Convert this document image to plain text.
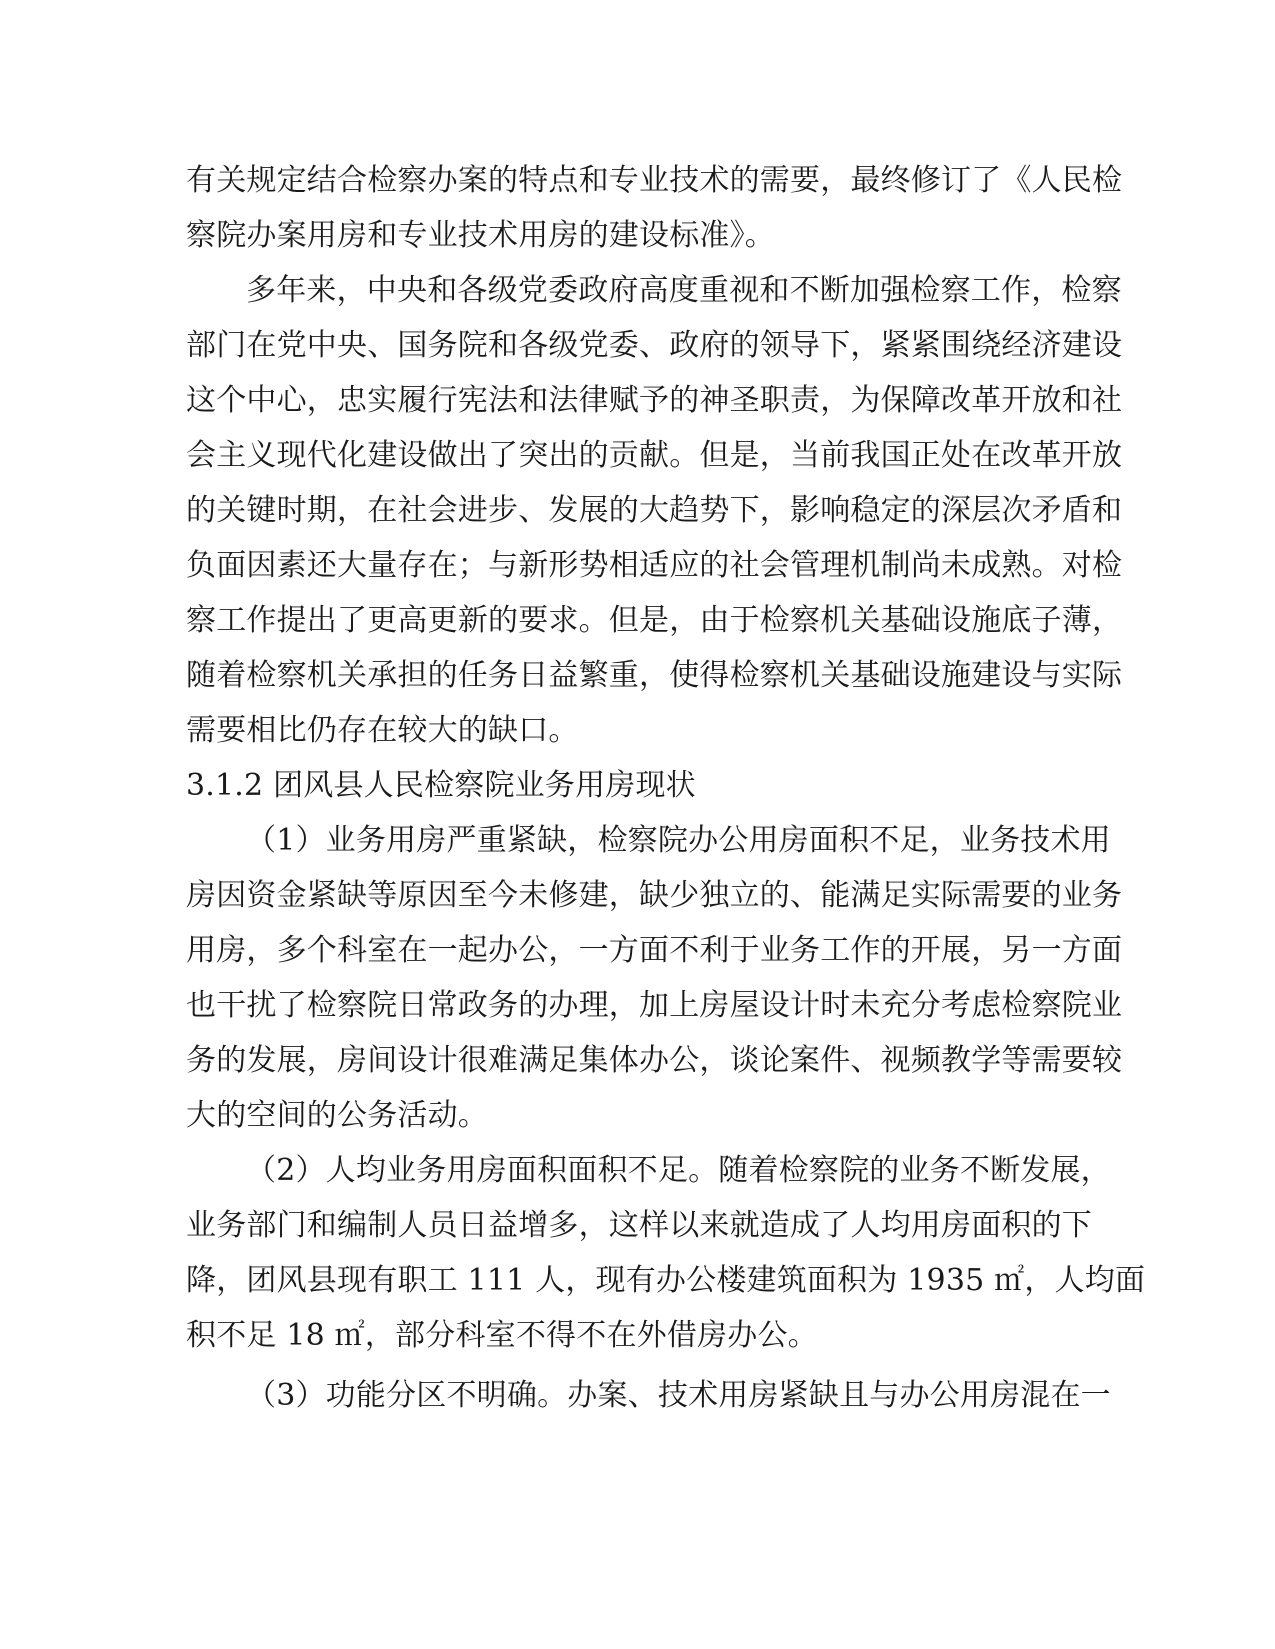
有关规定结合检察办案的特点和专业技术的需要，最终修订了《人民检
察院办案用房和专业技术用房的建设标准》。
多年来，中央和各级党委政府高度重视和不断加强检察工作，检察
部门在党中央、国务院和各级党委、政府的领导下，紧紧围绕经济建设
这个中心，忠实履行宪法和法律赋予的神圣职责，为保障改革开放和社
会主义现代化建设做出了突出的贡献。但是，当前我国正处在改革开放
的关键时期，在社会进步、发展的大趋势下，影响稳定的深层次矛盾和
负面因素还大量存在；与新形势相适应的社会管理机制尚未成熟。对检
察工作提出了更高更新的要求。但是，由于检察机关基础设施底子薄，
随着检察机关承担的任务日益繁重，使得检察机关基础设施建设与实际
需要相比仍存在较大的缺口。
3.1.2 团风县人民检察院业务用房现状
（1）业务用房严重紧缺，检察院办公用房面积不足，业务技术用
房因资金紧缺等原因至今未修建，缺少独立的、能满足实际需要的业务
用房，多个科室在一起办公，一方面不利于业务工作的开展，另一方面
也干扰了检察院日常政务的办理，加上房屋设计时未充分考虑检察院业
务的发展，房间设计很难满足集体办公，谈论案件、视频教学等需要较
大的空间的公务活动。
（2）人均业务用房面积面积不足。随着检察院的业务不断发展，
业务部门和编制人员日益增多，这样以来就造成了人均用房面积的下
降，团风县现有职工 111 人，现有办公楼建筑面积为 1935 ㎡，人均面
积不足 18 ㎡，部分科室不得不在外借房办公。
（3）功能分区不明确。办案、技术用房紧缺且与办公用房混在一
